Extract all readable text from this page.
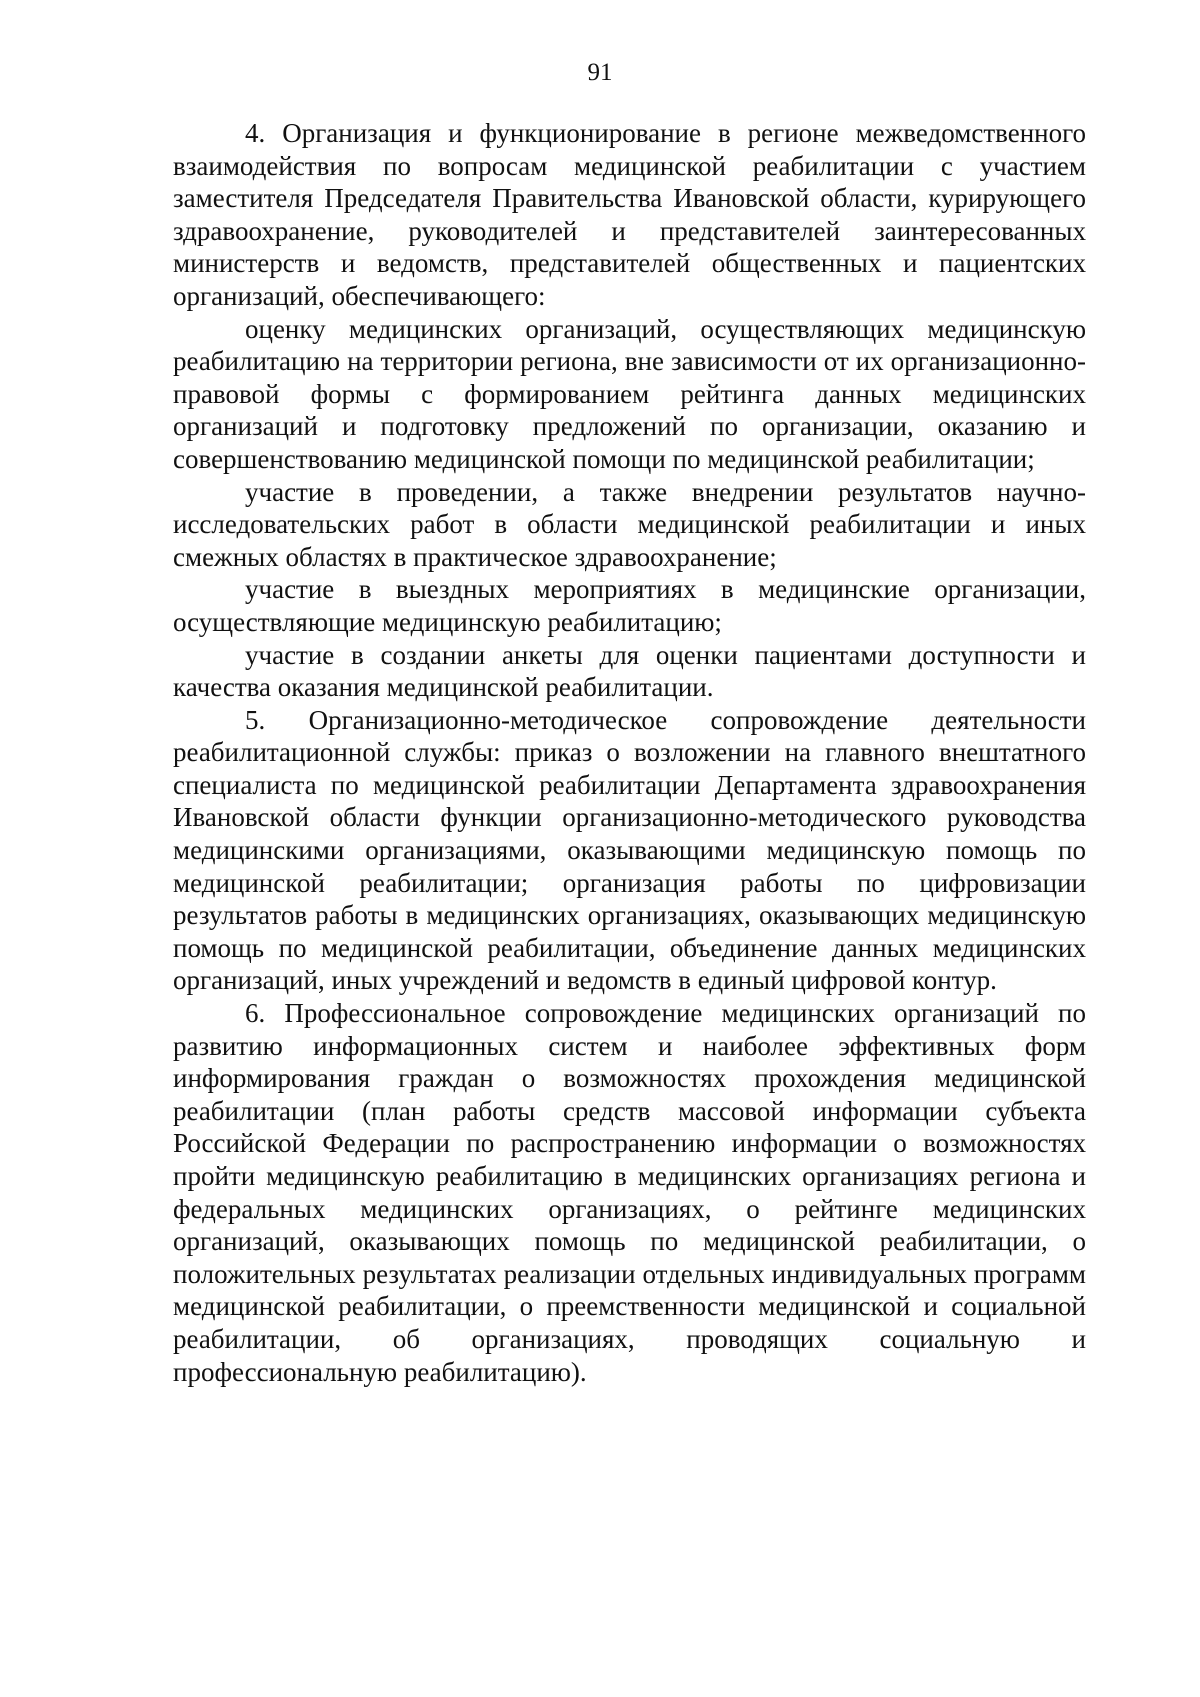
91

4. Организация и функционирование в регионе межведомственного взаимодействия по вопросам медицинской реабилитации с участием заместителя Председателя Правительства Ивановской области, курирующего здравоохранение, руководителей и представителей заинтересованных министерств и ведомств, представителей общественных и пациентских организаций, обеспечивающего:

оценку медицинских организаций, осуществляющих медицинскую реабилитацию на территории региона, вне зависимости от их организационно-правовой формы с формированием рейтинга данных медицинских организаций и подготовку предложений по организации, оказанию и совершенствованию медицинской помощи по медицинской реабилитации;

участие в проведении, а также внедрении результатов научно-исследовательских работ в области медицинской реабилитации и иных смежных областях в практическое здравоохранение;

участие в выездных мероприятиях в медицинские организации, осуществляющие медицинскую реабилитацию;

участие в создании анкеты для оценки пациентами доступности и качества оказания медицинской реабилитации.

5. Организационно-методическое сопровождение деятельности реабилитационной службы: приказ о возложении на главного внештатного специалиста по медицинской реабилитации Департамента здравоохранения Ивановской области функции организационно-методического руководства медицинскими организациями, оказывающими медицинскую помощь по медицинской реабилитации; организация работы по цифровизации результатов работы в медицинских организациях, оказывающих медицинскую помощь по медицинской реабилитации, объединение данных медицинских организаций, иных учреждений и ведомств в единый цифровой контур.

6. Профессиональное сопровождение медицинских организаций по развитию информационных систем и наиболее эффективных форм информирования граждан о возможностях прохождения медицинской реабилитации (план работы средств массовой информации субъекта Российской Федерации по распространению информации о возможностях пройти медицинскую реабилитацию в медицинских организациях региона и федеральных медицинских организациях, о рейтинге медицинских организаций, оказывающих помощь по медицинской реабилитации, о положительных результатах реализации отдельных индивидуальных программ медицинской реабилитации, о преемственности медицинской и социальной реабилитации, об организациях, проводящих социальную и профессиональную реабилитацию).
